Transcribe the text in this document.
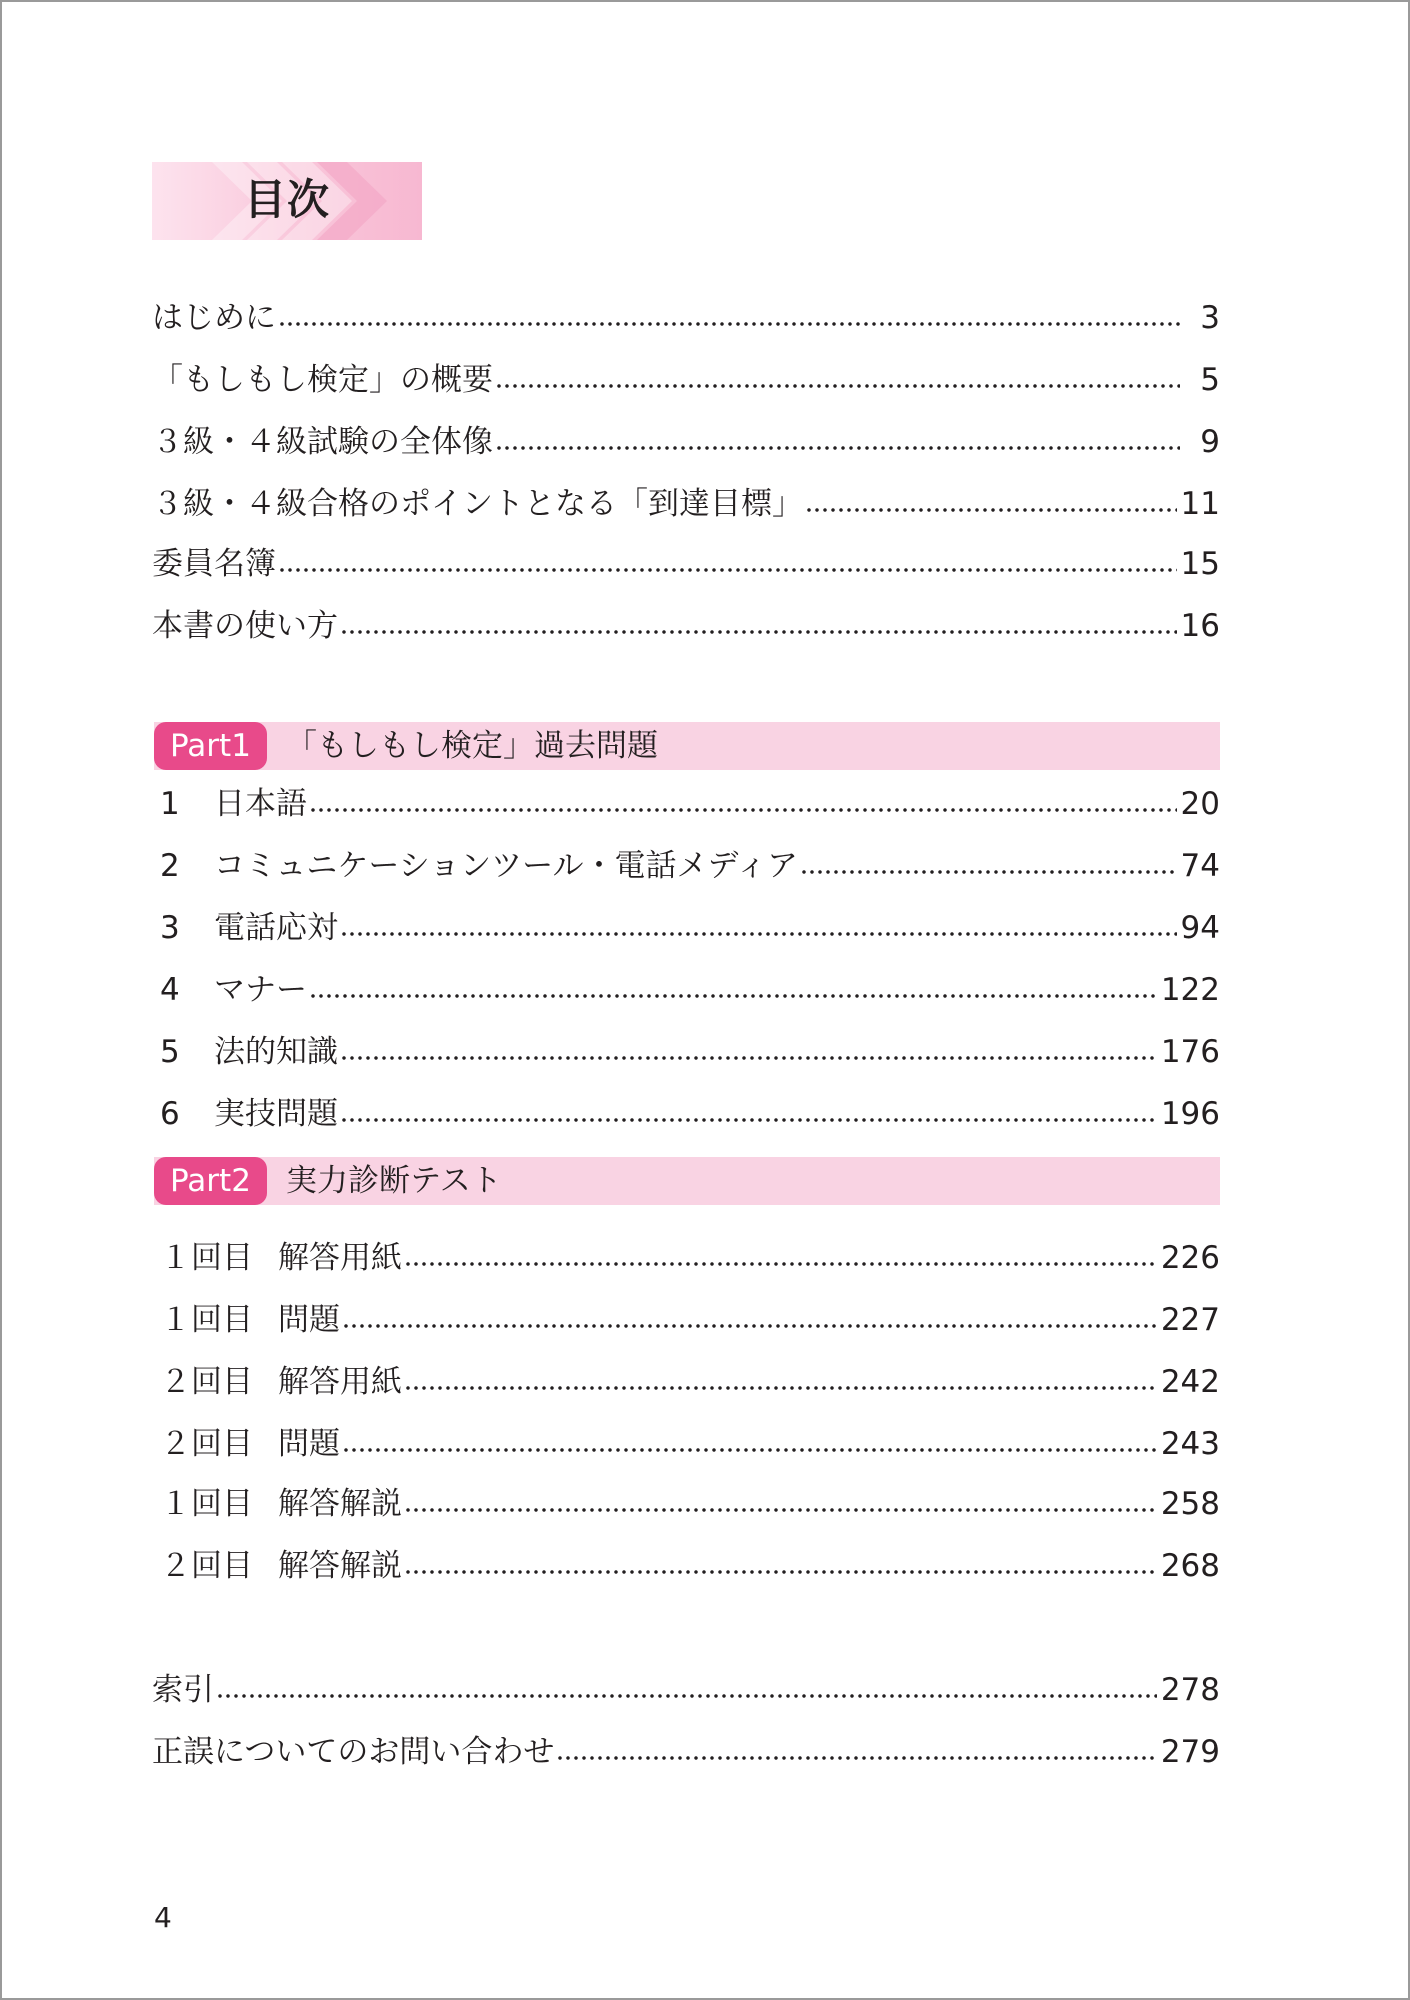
目次
はじめに	3
「もしもし検定」の概要	5
３級・４級試験の全体像	9
３級・４級合格のポイントとなる「到達目標」	11
委員名簿	15
本書の使い方	16
Part1	「もしもし検定」過去問題
1	日本語	20
2	コミュニケーションツール・電話メディア	74
3	電話応対	94
4	マナー	122
5	法的知識	176
6	実技問題	196
Part2	実力診断テスト
１回目 解答用紙	226
１回目 問題	227
２回目 解答用紙	242
２回目 問題	243
１回目 解答解説	258
２回目 解答解説	268
索引	278
正誤についてのお問い合わせ	279
4
